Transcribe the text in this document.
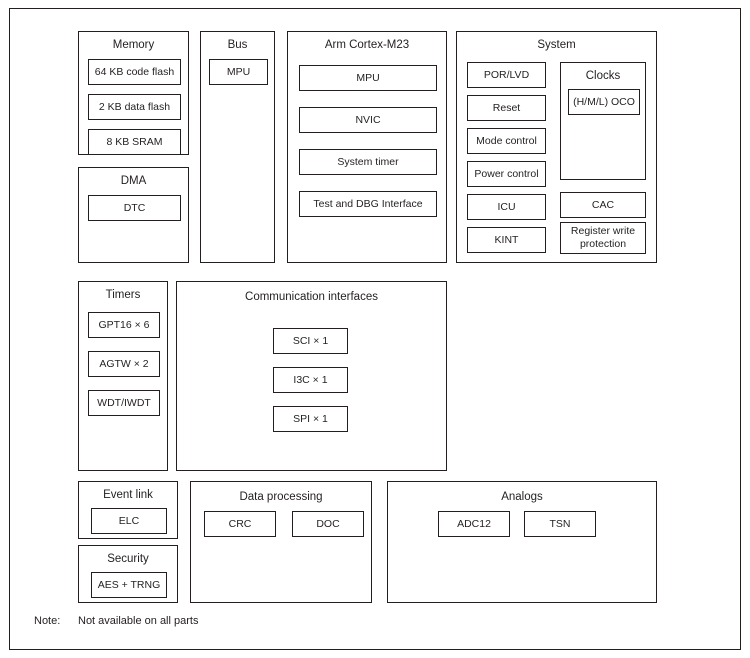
Memory
64 KB code flash
2 KB data flash
8 KB SRAM
DMA
DTC
Bus
MPU
Arm Cortex-M23
MPU
NVIC
System timer
Test and DBG Interface
System
POR/LVD
Reset
Mode control
Power control
ICU
KINT
Clocks
(H/M/L) OCO
CAC
Register write protection
Timers
GPT16 × 6
AGTW × 2
WDT/IWDT
Communication interfaces
SCI × 1
I3C × 1
SPI × 1
Event link
ELC
Security
AES + TRNG
Data processing
CRC	DOC
Analogs
ADC12	TSN
Note: Not available on all parts
